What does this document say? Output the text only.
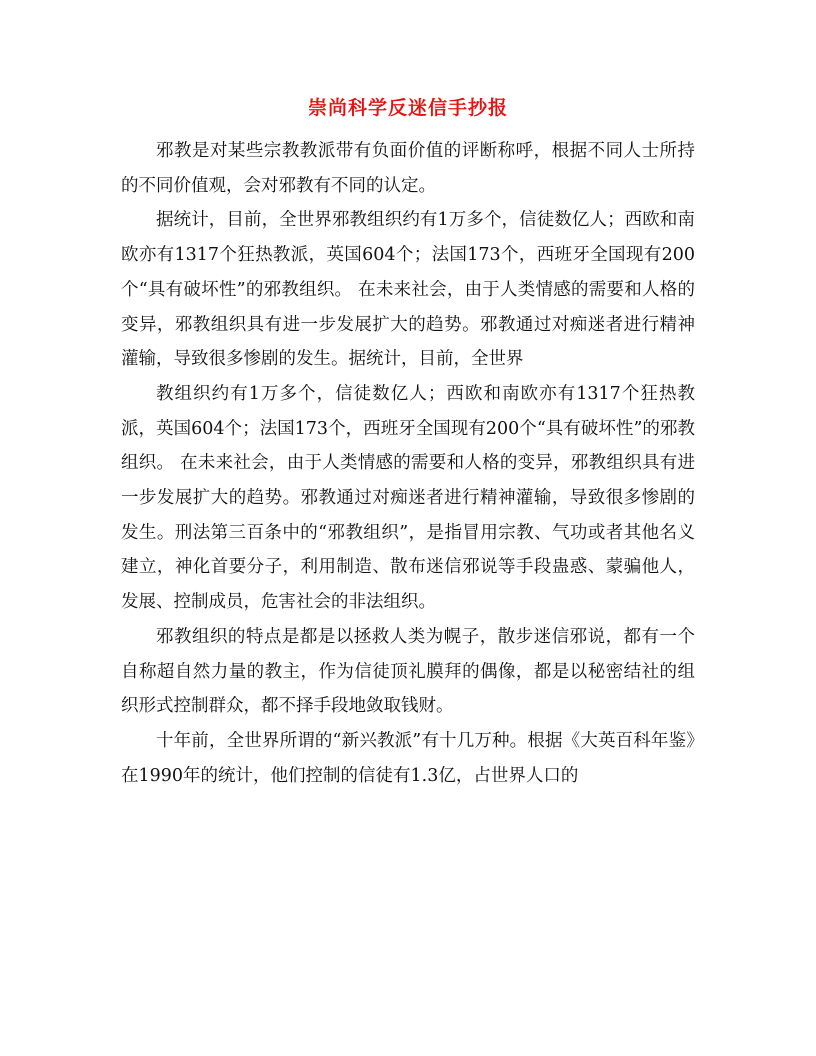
崇尚科学反迷信手抄报

邪教是对某些宗教教派带有负面价值的评断称呼，根据不同人士所持的不同价值观，会对邪教有不同的认定。

据统计，目前，全世界邪教组织约有1万多个，信徒数亿人；西欧和南欧亦有1317个狂热教派，英国604个；法国173个，西班牙全国现有200个“具有破坏性”的邪教组织。 在未来社会，由于人类情感的需要和人格的变异，邪教组织具有进一步发展扩大的趋势。邪教通过对痴迷者进行精神灌输，导致很多惨剧的发生。据统计，目前，全世界

教组织约有1万多个，信徒数亿人；西欧和南欧亦有1317个狂热教派，英国604个；法国173个，西班牙全国现有200个“具有破坏性”的邪教组织。 在未来社会，由于人类情感的需要和人格的变异，邪教组织具有进一步发展扩大的趋势。邪教通过对痴迷者进行精神灌输，导致很多惨剧的发生。刑法第三百条中的“邪教组织”，是指冒用宗教、气功或者其他名义建立，神化首要分子，利用制造、散布迷信邪说等手段蛊惑、蒙骗他人，发展、控制成员，危害社会的非法组织。

邪教组织的特点是都是以拯救人类为幌子，散步迷信邪说，都有一个自称超自然力量的教主，作为信徒顶礼膜拜的偶像，都是以秘密结社的组织形式控制群众，都不择手段地敛取钱财。

十年前，全世界所谓的“新兴教派”有十几万种。根据《大英百科年鉴》在1990年的统计，他们控制的信徒有1.3亿，占世界人口的
